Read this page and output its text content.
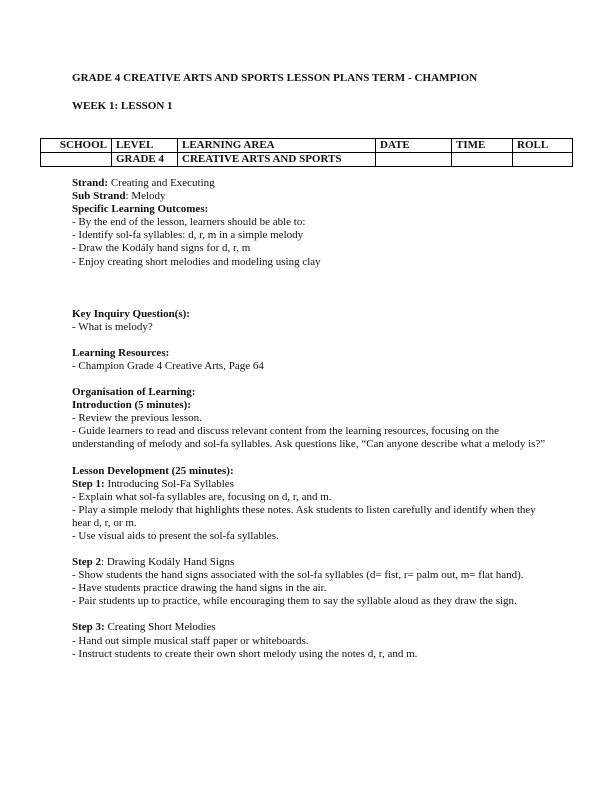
GRADE 4 CREATIVE ARTS AND SPORTS LESSON PLANS TERM - CHAMPION
WEEK 1: LESSON 1
SCHOOL	LEVEL	LEARNING AREA	DATE	TIME	ROLL
	GRADE 4	CREATIVE ARTS AND SPORTS			

Strand: Creating and Executing

Sub Strand: Melody

Specific Learning Outcomes:

- By the end of the lesson, learners should be able to:

- Identify sol-fa syllables: d, r, m in a simple melody

- Draw the Kodály hand signs for d, r, m

- Enjoy creating short melodies and modeling using clay

Key Inquiry Question(s):

- What is melody?

Learning Resources:

- Champion Grade 4 Creative Arts, Page 64

Organisation of Learning:

Introduction (5 minutes):

- Review the previous lesson.

- Guide learners to read and discuss relevant content from the learning resources, focusing on the understanding of melody and sol-fa syllables. Ask questions like, “Can anyone describe what a melody is?”

Lesson Development (25 minutes):

Step 1: Introducing Sol-Fa Syllables

- Explain what sol-fa syllables are, focusing on d, r, and m.

- Play a simple melody that highlights these notes. Ask students to listen carefully and identify when they hear d, r, or m.

- Use visual aids to present the sol-fa syllables.

Step 2: Drawing Kodály Hand Signs

- Show students the hand signs associated with the sol-fa syllables (d= fist, r= palm out, m= flat hand).

- Have students practice drawing the hand signs in the air.

- Pair students up to practice, while encouraging them to say the syllable aloud as they draw the sign.

Step 3: Creating Short Melodies

- Hand out simple musical staff paper or whiteboards.

- Instruct students to create their own short melody using the notes d, r, and m.
